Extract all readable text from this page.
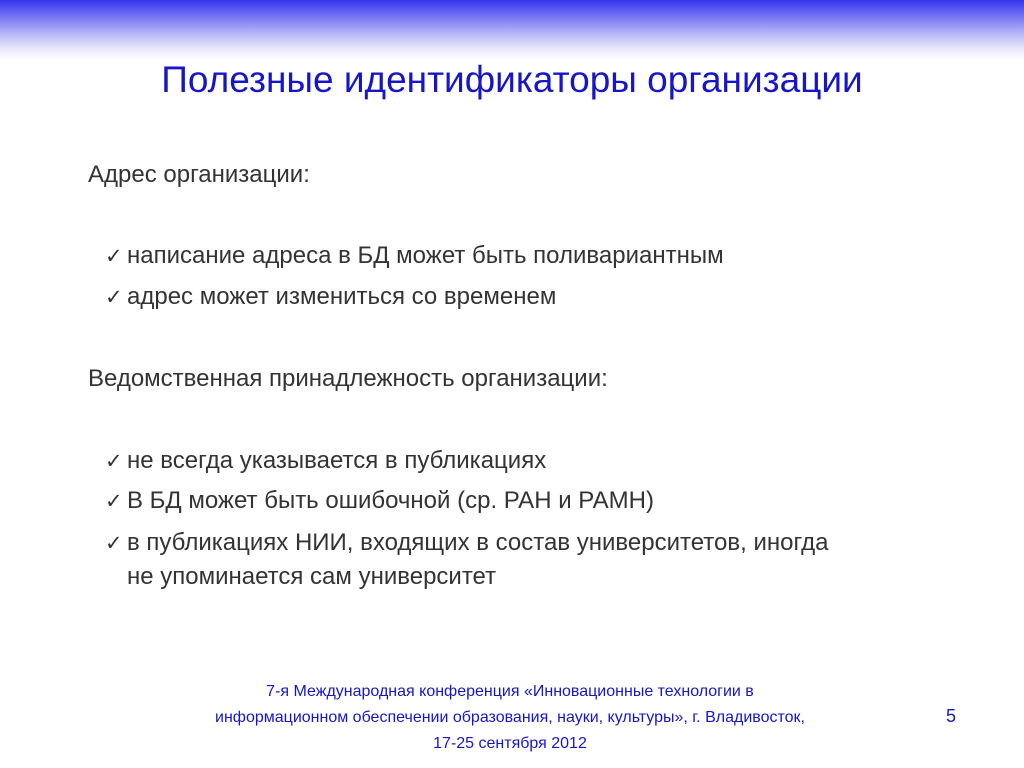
Полезные идентификаторы организации
Адрес организации:
✓ написание адреса в БД может быть поливариантным
✓ адрес может измениться со временем
Ведомственная принадлежность организации:
✓ не всегда указывается в публикациях
✓ В БД может быть ошибочной (ср. РАН и РАМН)
✓ в публикациях НИИ, входящих в состав университетов, иногда
не упоминается сам университет
7-я Международная конференция «Инновационные технологии в
информационном обеспечении образования, науки, культуры», г. Владивосток,
17-25 сентября 2012
5
